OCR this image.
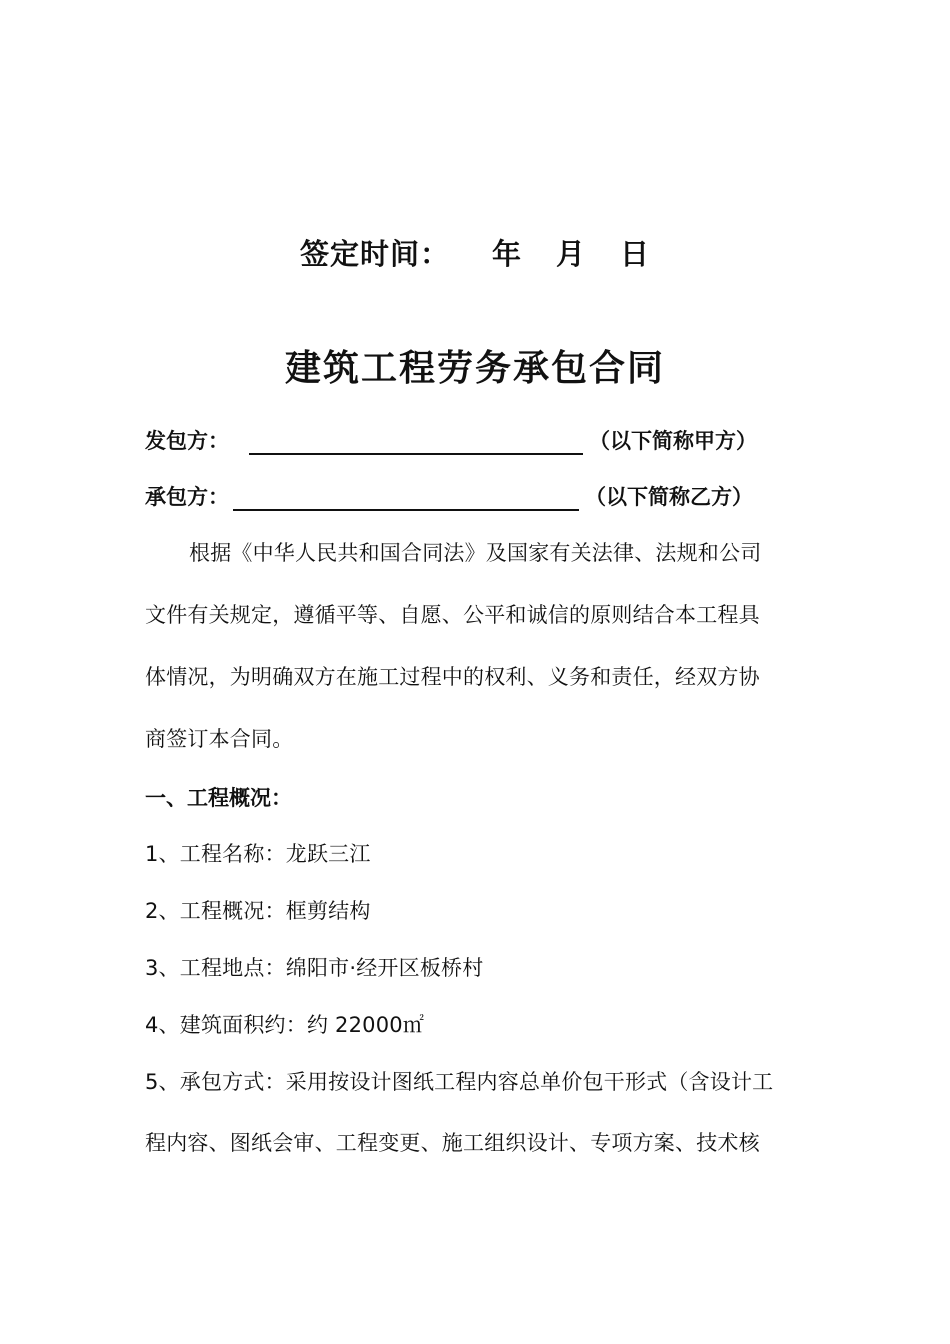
签定时间： 年 月 日
建筑工程劳务承包合同
发包方：	（以下简称甲方）
承包方：	（以下简称乙方）
根据《中华人民共和国合同法》及国家有关法律、法规和公司
文件有关规定，遵循平等、自愿、公平和诚信的原则结合本工程具
体情况，为明确双方在施工过程中的权利、义务和责任，经双方协
商签订本合同。
一、工程概况：
1、工程名称：龙跃三江
2、工程概况：框剪结构
3、工程地点：绵阳市·经开区板桥村
4、建筑面积约：约 22000㎡
5、承包方式：采用按设计图纸工程内容总单价包干形式（含设计工
程内容、图纸会审、工程变更、施工组织设计、专项方案、技术核
